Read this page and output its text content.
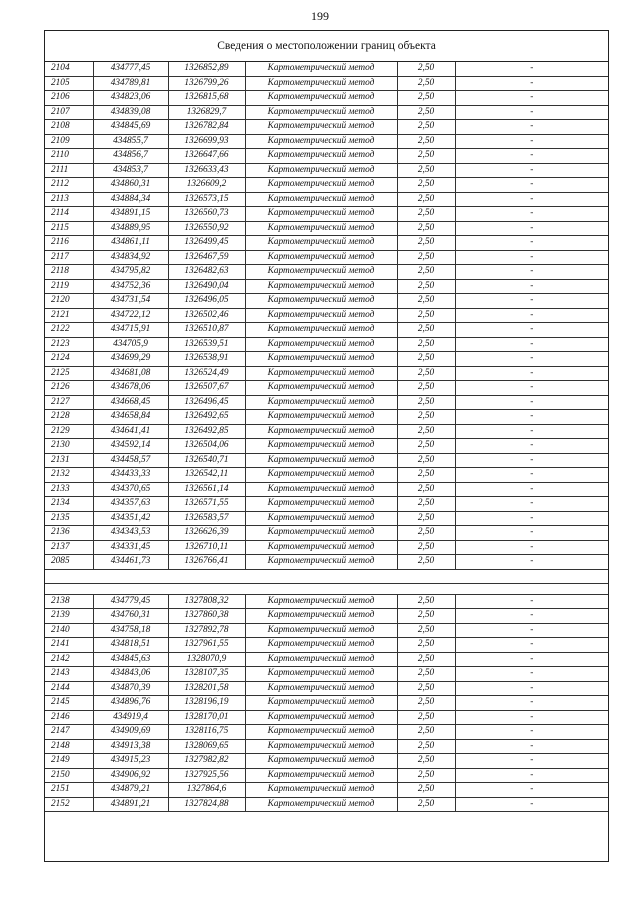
199
Сведения о местоположении границ объекта
2104	434777,45	1326852,89	Картометрический метод	2,50	-
2105	434789,81	1326799,26	Картометрический метод	2,50	-
2106	434823,06	1326815,68	Картометрический метод	2,50	-
2107	434839,08	1326829,7	Картометрический метод	2,50	-
2108	434845,69	1326782,84	Картометрический метод	2,50	-
2109	434855,7	1326699,93	Картометрический метод	2,50	-
2110	434856,7	1326647,66	Картометрический метод	2,50	-
2111	434853,7	1326633,43	Картометрический метод	2,50	-
2112	434860,31	1326609,2	Картометрический метод	2,50	-
2113	434884,34	1326573,15	Картометрический метод	2,50	-
2114	434891,15	1326560,73	Картометрический метод	2,50	-
2115	434889,95	1326550,92	Картометрический метод	2,50	-
2116	434861,11	1326499,45	Картометрический метод	2,50	-
2117	434834,92	1326467,59	Картометрический метод	2,50	-
2118	434795,82	1326482,63	Картометрический метод	2,50	-
2119	434752,36	1326490,04	Картометрический метод	2,50	-
2120	434731,54	1326496,05	Картометрический метод	2,50	-
2121	434722,12	1326502,46	Картометрический метод	2,50	-
2122	434715,91	1326510,87	Картометрический метод	2,50	-
2123	434705,9	1326539,51	Картометрический метод	2,50	-
2124	434699,29	1326538,91	Картометрический метод	2,50	-
2125	434681,08	1326524,49	Картометрический метод	2,50	-
2126	434678,06	1326507,67	Картометрический метод	2,50	-
2127	434668,45	1326496,45	Картометрический метод	2,50	-
2128	434658,84	1326492,65	Картометрический метод	2,50	-
2129	434641,41	1326492,85	Картометрический метод	2,50	-
2130	434592,14	1326504,06	Картометрический метод	2,50	-
2131	434458,57	1326540,71	Картометрический метод	2,50	-
2132	434433,33	1326542,11	Картометрический метод	2,50	-
2133	434370,65	1326561,14	Картометрический метод	2,50	-
2134	434357,63	1326571,55	Картометрический метод	2,50	-
2135	434351,42	1326583,57	Картометрический метод	2,50	-
2136	434343,53	1326626,39	Картометрический метод	2,50	-
2137	434331,45	1326710,11	Картометрический метод	2,50	-
2085	434461,73	1326766,41	Картометрический метод	2,50	-

2138	434779,45	1327808,32	Картометрический метод	2,50	-
2139	434760,31	1327860,38	Картометрический метод	2,50	-
2140	434758,18	1327892,78	Картометрический метод	2,50	-
2141	434818,51	1327961,55	Картометрический метод	2,50	-
2142	434845,63	1328070,9	Картометрический метод	2,50	-
2143	434843,06	1328107,35	Картометрический метод	2,50	-
2144	434870,39	1328201,58	Картометрический метод	2,50	-
2145	434896,76	1328196,19	Картометрический метод	2,50	-
2146	434919,4	1328170,01	Картометрический метод	2,50	-
2147	434909,69	1328116,75	Картометрический метод	2,50	-
2148	434913,38	1328069,65	Картометрический метод	2,50	-
2149	434915,23	1327982,82	Картометрический метод	2,50	-
2150	434906,92	1327925,56	Картометрический метод	2,50	-
2151	434879,21	1327864,6	Картометрический метод	2,50	-
2152	434891,21	1327824,88	Картометрический метод	2,50	-
